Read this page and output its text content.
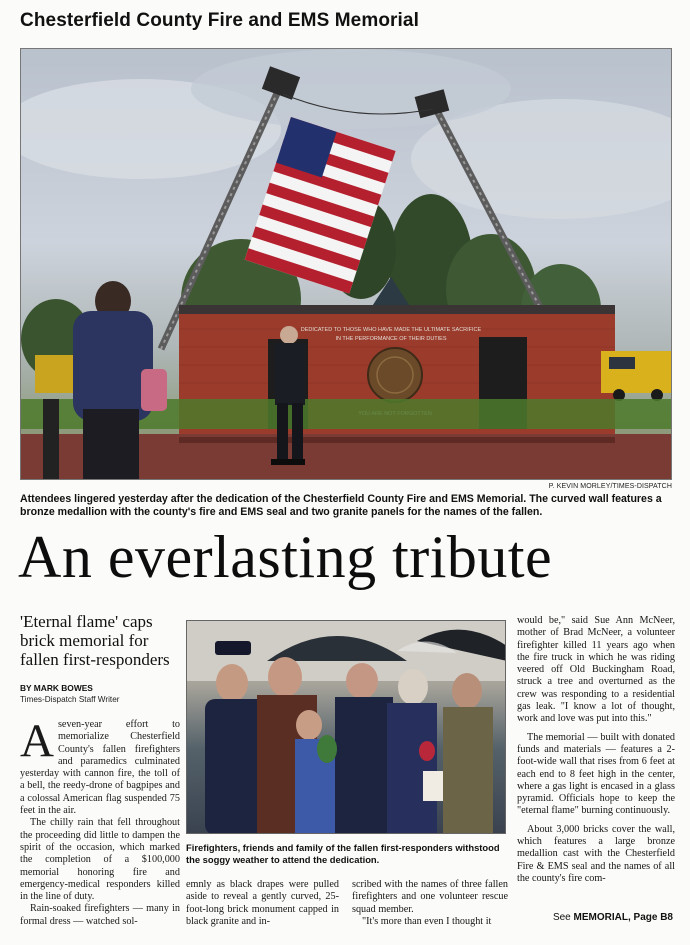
Chesterfield County Fire and EMS Memorial
DEDICATED TO THOSE WHO HAVE MADE THE ULTIMATE SACRIFICE
IN THE PERFORMANCE OF THEIR DUTIES
P. KEVIN MORLEY/TIMES-DISPATCH
Attendees lingered yesterday after the dedication of the Chesterfield County Fire and EMS Memorial. The curved wall features a bronze medallion with the county's fire and EMS seal and two granite panels for the names of the fallen.
An everlasting tribute
'Eternal flame' caps brick memorial for fallen first-responders
BY MARK BOWES
Times-Dispatch Staff Writer

Aseven-year effort to memorialize Chesterfield County's fallen firefighters and paramedics culminated yesterday with cannon fire, the toll of a bell, the reedy-drone of bagpipes and a colossal American flag suspended 75 feet in the air.

The chilly rain that fell throughout the proceeding did little to dampen the spirit of the occasion, which marked the completion of a $100,000 memorial honoring fire and emergency-medical responders killed in the line of duty.

Rain-soaked firefighters — many in formal dress — watched sol-

Firefighters, friends and family of the fallen first-responders withstood the soggy weather to attend the dedication.

emnly as black drapes were pulled aside to reveal a gently curved, 25-foot-long brick monument capped in black granite and in-

scribed with the names of three fallen firefighters and one volunteer rescue squad member.

"It's more than even I thought it

would be," said Sue Ann McNeer, mother of Brad McNeer, a volunteer firefighter killed 11 years ago when the fire truck in which he was riding veered off Old Buckingham Road, struck a tree and overturned as the crew was responding to a residential gas leak. "I know a lot of thought, work and love was put into this."

The memorial — built with donated funds and materials — features a 2-foot-wide wall that rises from 6 feet at each end to 8 feet high in the center, where a gas light is encased in a glass pyramid. Officials hope to keep the "eternal flame" burning continuously.

About 3,000 bricks cover the wall, which features a large bronze medallion cast with the Chesterfield Fire & EMS seal and the names of all the county's fire com-

See MEMORIAL, Page B8
